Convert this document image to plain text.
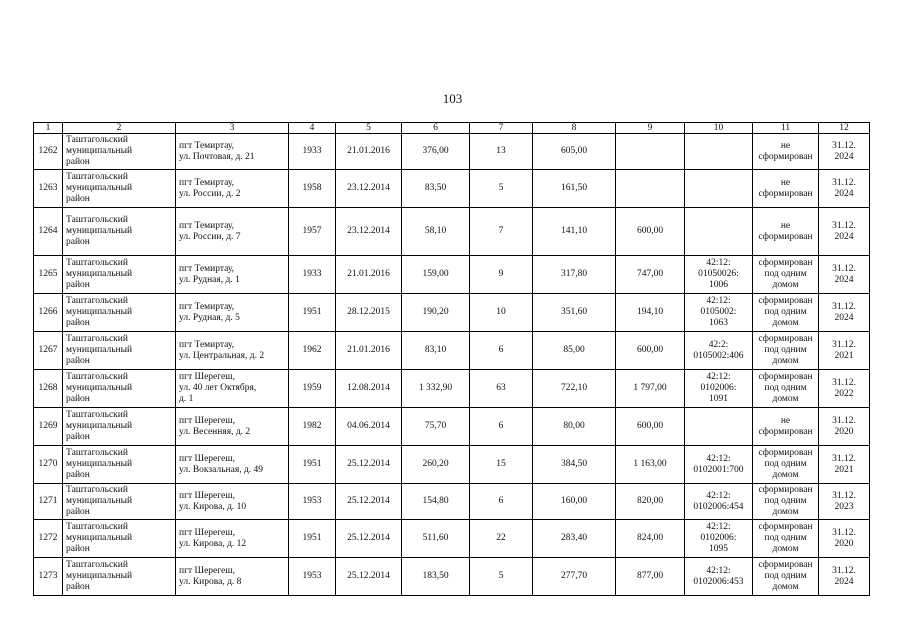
103
1	2	3	4	5	6	7	8	9	10	11	12
1262	Таштагольский
муниципальный
район	пгт Темиртау,
ул. Почтовая, д. 21	1933	21.01.2016	376,00	13	605,00			не
сформирован	31.12.
2024

1263	Таштагольский
муниципальный
район	пгт Темиртау,
ул. России, д. 2	1958	23.12.2014	83,50	5	161,50			не
сформирован	31.12.
2024

1264	Таштагольский
муниципальный
район	пгт Темиртау,
ул. России, д. 7	1957	23.12.2014	58,10	7	141,10	600,00		не
сформирован	31.12.
2024

1265	Таштагольский
муниципальный
район	пгт Темиртау,
ул. Рудная, д. 1	1933	21.01.2016	159,00	9	317,80	747,00	42:12:
01050026:
1006	сформирован
под одним
домом	31.12.
2024

1266	Таштагольский
муниципальный
район	пгт Темиртау,
ул. Рудная, д. 5	1951	28.12.2015	190,20	10	351,60	194,10	42:12:
0105002:
1063	сформирован
под одним
домом	31.12.
2024

1267	Таштагольский
муниципальный
район	пгт Темиртау,
ул. Центральная, д. 2	1962	21.01.2016	83,10	6	85,00	600,00	42:2:
0105002:406	сформирован
под одним
домом	31.12.
2021

1268	Таштагольский
муниципальный
район	пгт Шерегеш,
ул. 40 лет Октября,
д. 1	1959	12.08.2014	1 332,90	63	722,10	1 797,00	42:12:
0102006:
1091	сформирован
под одним
домом	31.12.
2022

1269	Таштагольский
муниципальный
район	пгт Шерегеш,
ул. Весенняя, д. 2	1982	04.06.2014	75,70	6	80,00	600,00		не
сформирован	31.12.
2020

1270	Таштагольский
муниципальный
район	пгт Шерегеш,
ул. Вокзальная, д. 49	1951	25.12.2014	260,20	15	384,50	1 163,00	42:12:
0102001:700	сформирован
под одним
домом	31.12.
2021

1271	Таштагольский
муниципальный
район	пгт Шерегеш,
ул. Кирова, д. 10	1953	25.12.2014	154,80	6	160,00	820,00	42:12:
0102006:454	сформирован
под одним
домом	31.12.
2023

1272	Таштагольский
муниципальный
район	пгт Шерегеш,
ул. Кирова, д. 12	1951	25.12.2014	511,60	22	283,40	824,00	42:12:
0102006:
1095	сформирован
под одним
домом	31.12.
2020

1273	Таштагольский
муниципальный
район	пгт Шерегеш,
ул. Кирова, д. 8	1953	25.12.2014	183,50	5	277,70	877,00	42:12:
0102006:453	сформирован
под одним
домом	31.12.
2024
